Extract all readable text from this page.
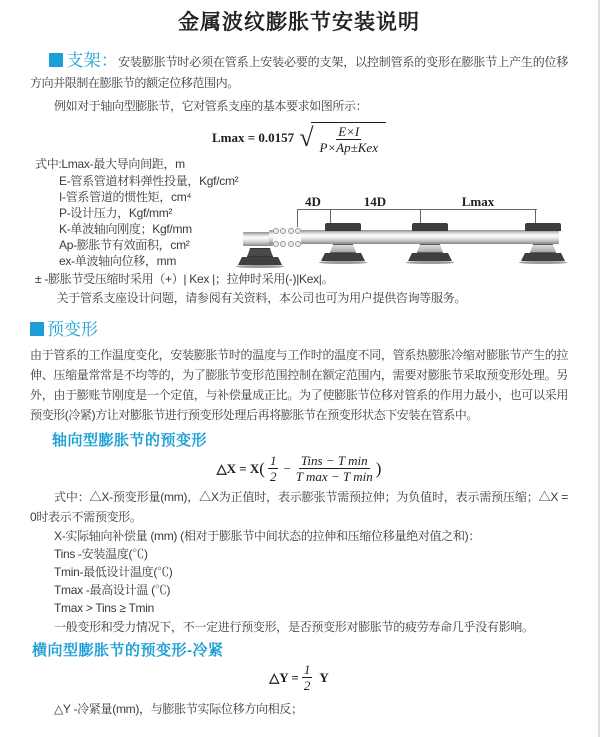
金属波纹膨胀节安装说明

支架：安装膨胀节时必须在管系上安装必要的支架，以控制管系的变形在膨胀节上产生的位移方向并限制在膨胀节的额定位移范围内。

例如对于轴向型膨胀节，它对管系支座的基本要求如图所示：

Lmax = 0.0157 √ $\frac{E\times I}{\text{P×Ap±Kex}}$
式中:Lmax-最大导向间距，m
E-管系管道材料弹性投量，Kgf/cm²
I-管系管道的惯性矩，cm⁴
P-设计压力，Kgf/mm²
K-单波轴向刚度；Kgf/mm
Ap-膨胀节有效面积，cm²
ex-单波轴向位移，mm
± -膨胀节受压缩时采用（+）| Kex |；拉伸时采用(-)|Kex|。
关于管系支座设计问题，请参阅有关资料，本公司也可为用户提供咨询等服务。
4D	14D	Lmax
预变形

由于管系的工作温度变化，安装膨胀节时的温度与工作时的温度不同，管系热膨胀冷缩对膨胀节产生的拉伸、压缩量常常是不均等的，为了膨胀节变形范围控制在额定范围内，需要对膨胀节采取预变形处理。另外，由于膨账节刚度是一个定值，与补偿量成正比。为了使膨胀节位移对管系的作用力最小，也可以采用预变形(冷紧)方让对膨胀节进行预变形处理后再将膨胀节在预变形状态下安装在管系中。

轴向型膨胀节的预变形
△X = X ( $\frac{1}{2} - \frac{\text{Tins − T min}}{\text{T max − T min}}$ )

式中：△X-预变形量(mm)，△X为正值时，表示膨张节需预拉伸；为负值时，表示需预压缩；△X = 0时表示不需预变形。

X-实际轴向补偿量 (mm) (相对于膨胀节中间状态的拉伸和压缩位移量绝对值之和)：

Tins -安装温度(℃)

Tmin-最低设计温度(℃)

Tmax -最高设计温 (℃)

Tmax > Tins ≥ Tmin

一般变形和受力情况下，不一定进行预变形，是否预变形对膨胀节的疲劳寿命几乎没有影响。

横向型膨胀节的预变形-冷紧
△Y = $\frac{1}{2}$ Y

△Y -冷紧量(mm)，与膨胀节实际位移方向相反；
